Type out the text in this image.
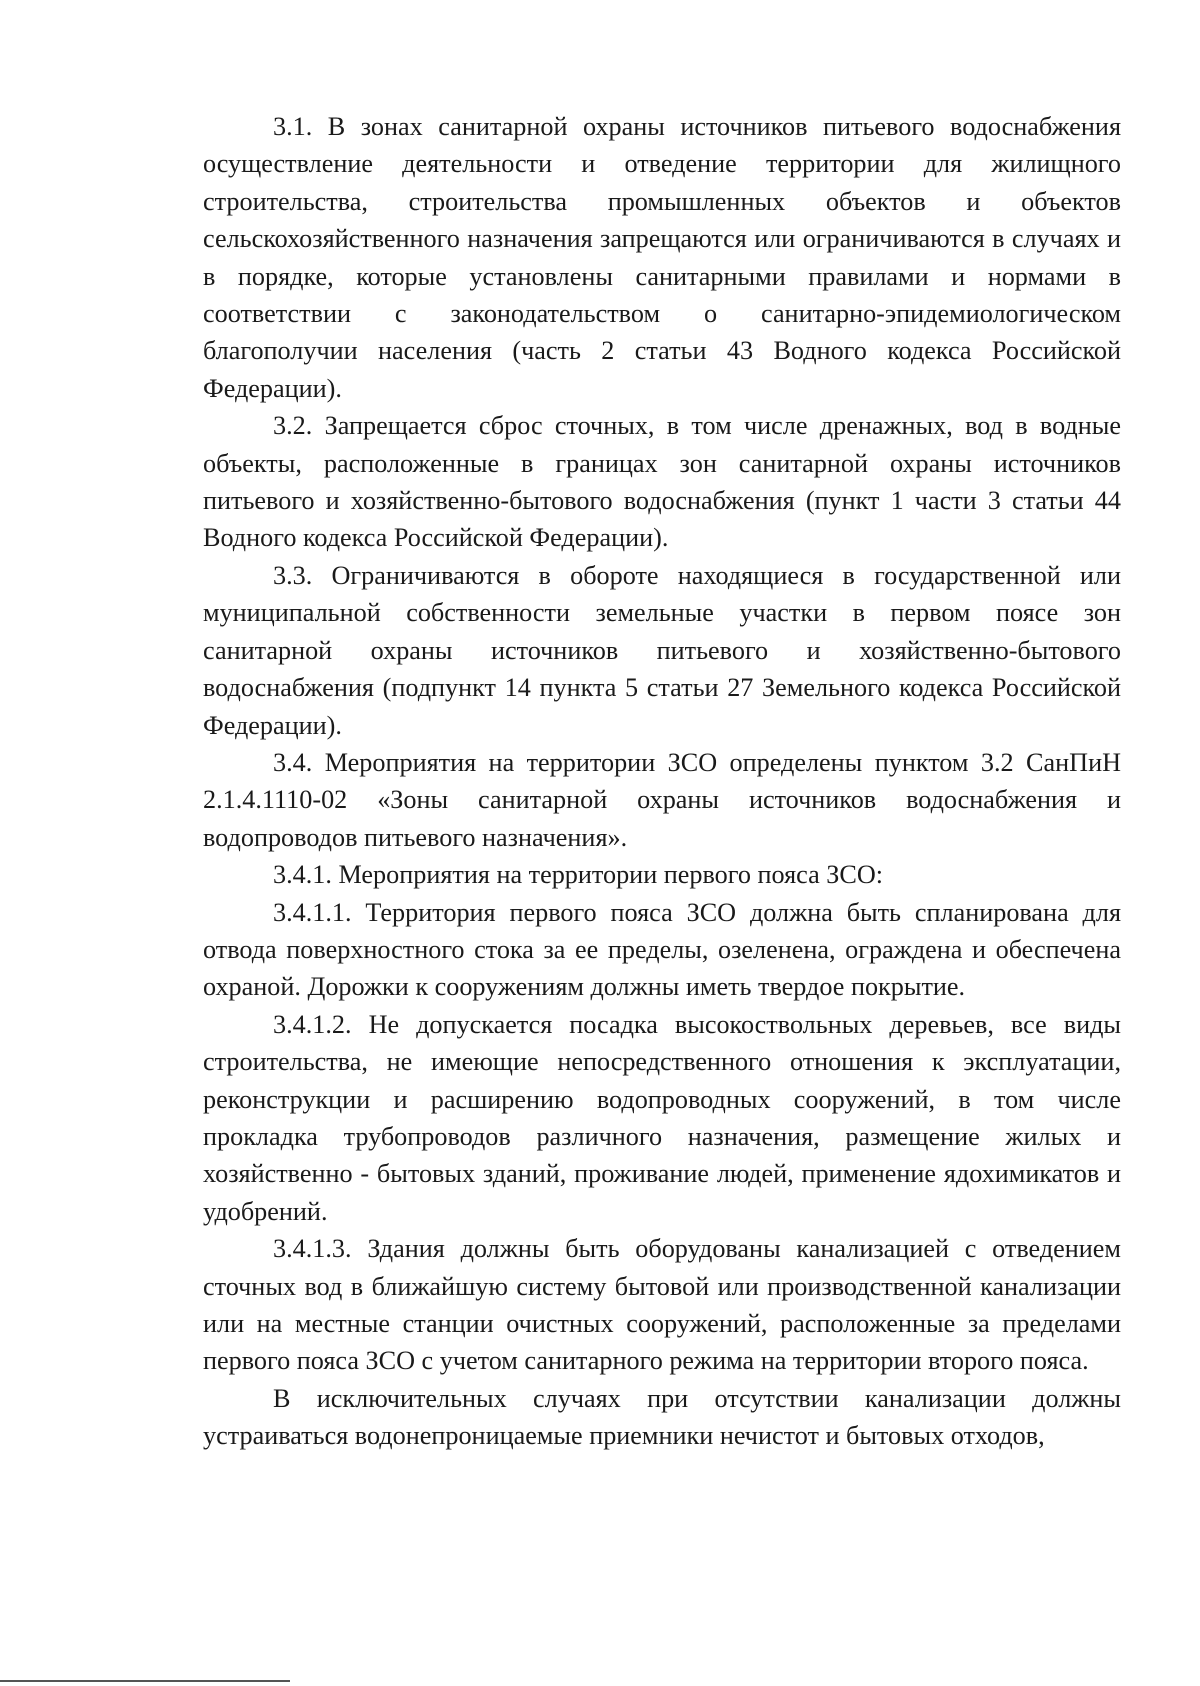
3.1. В зонах санитарной охраны источников питьевого водоснабжения осуществление деятельности и отведение территории для жилищного строительства, строительства промышленных объектов и объектов сельскохозяйственного назначения запрещаются или ограничиваются в случаях и в порядке, которые установлены санитарными правилами и нормами в соответствии с законодательством о санитарно-эпидемиологическом благополучии населения (часть 2 статьи 43 Водного кодекса Российской Федерации).

3.2. Запрещается сброс сточных, в том числе дренажных, вод в водные объекты, расположенные в границах зон санитарной охраны источников питьевого и хозяйственно-бытового водоснабжения (пункт 1 части 3 статьи 44 Водного кодекса Российской Федерации).

3.3. Ограничиваются в обороте находящиеся в государственной или муниципальной собственности земельные участки в первом поясе зон санитарной охраны источников питьевого и хозяйственно-бытового водоснабжения (подпункт 14 пункта 5 статьи 27 Земельного кодекса Российской Федерации).

3.4. Мероприятия на территории ЗСО определены пунктом 3.2 СанПиН 2.1.4.1110-02 «Зоны санитарной охраны источников водоснабжения и водопроводов питьевого назначения».

3.4.1. Мероприятия на территории первого пояса ЗСО:

3.4.1.1. Территория первого пояса ЗСО должна быть спланирована для отвода поверхностного стока за ее пределы, озеленена, ограждена и обеспечена охраной. Дорожки к сооружениям должны иметь твердое покрытие.

3.4.1.2. Не допускается посадка высокоствольных деревьев, все виды строительства, не имеющие непосредственного отношения к эксплуатации, реконструкции и расширению водопроводных сооружений, в том числе прокладка трубопроводов различного назначения, размещение жилых и хозяйственно - бытовых зданий, проживание людей, применение ядохимикатов и удобрений.

3.4.1.3. Здания должны быть оборудованы канализацией с отведением сточных вод в ближайшую систему бытовой или производственной канализации или на местные станции очистных сооружений, расположенные за пределами первого пояса ЗСО с учетом санитарного режима на территории второго пояса.

В исключительных случаях при отсутствии канализации должны устраиваться водонепроницаемые приемники нечистот и бытовых отходов,
